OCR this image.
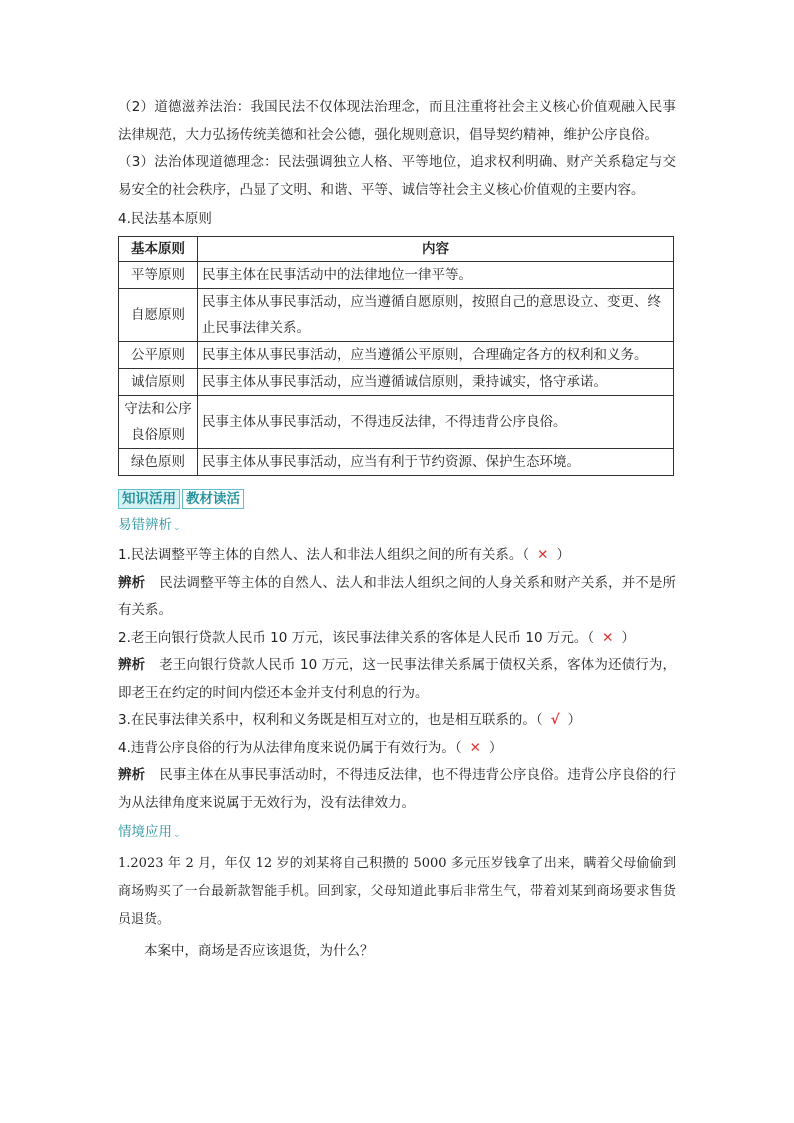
（2）道德滋养法治：我国民法不仅体现法治理念，而且注重将社会主义核心价值观融入民事法律规范，大力弘扬传统美德和社会公德，强化规则意识，倡导契约精神，维护公序良俗。

（3）法治体现道德理念：民法强调独立人格、平等地位，追求权利明确、财产关系稳定与交易安全的社会秩序，凸显了文明、和谐、平等、诚信等社会主义核心价值观的主要内容。

4.民法基本原则

基本原则	内容
平等原则	民事主体在民事活动中的法律地位一律平等。
自愿原则	民事主体从事民事活动，应当遵循自愿原则，按照自己的意思设立、变更、终止民事法律关系。
公平原则	民事主体从事民事活动，应当遵循公平原则，合理确定各方的权利和义务。
诚信原则	民事主体从事民事活动，应当遵循诚信原则，秉持诚实，恪守承诺。
守法和公序良俗原则	民事主体从事民事活动，不得违反法律，不得违背公序良俗。
绿色原则	民事主体从事民事活动，应当有利于节约资源、保护生态环境。
知识活用 教材读活

易错辨析⌄

1.民法调整平等主体的自然人、法人和非法人组织之间的所有关系。（ ✕ ）

辨析 民法调整平等主体的自然人、法人和非法人组织之间的人身关系和财产关系，并不是所有关系。

2.老王向银行贷款人民币 10 万元，该民事法律关系的客体是人民币 10 万元。（ ✕ ）

辨析 老王向银行贷款人民币 10 万元，这一民事法律关系属于债权关系，客体为还债行为，即老王在约定的时间内偿还本金并支付利息的行为。

3.在民事法律关系中，权利和义务既是相互对立的，也是相互联系的。（ √ ）

4.违背公序良俗的行为从法律角度来说仍属于有效行为。（ ✕ ）

辨析 民事主体在从事民事活动时，不得违反法律，也不得违背公序良俗。违背公序良俗的行为从法律角度来说属于无效行为，没有法律效力。

情境应用⌄

1.2023 年 2 月，年仅 12 岁的刘某将自己积攒的 5000 多元压岁钱拿了出来，瞒着父母偷偷到商场购买了一台最新款智能手机。回到家，父母知道此事后非常生气，带着刘某到商场要求售货员退货。

本案中，商场是否应该退货，为什么？
